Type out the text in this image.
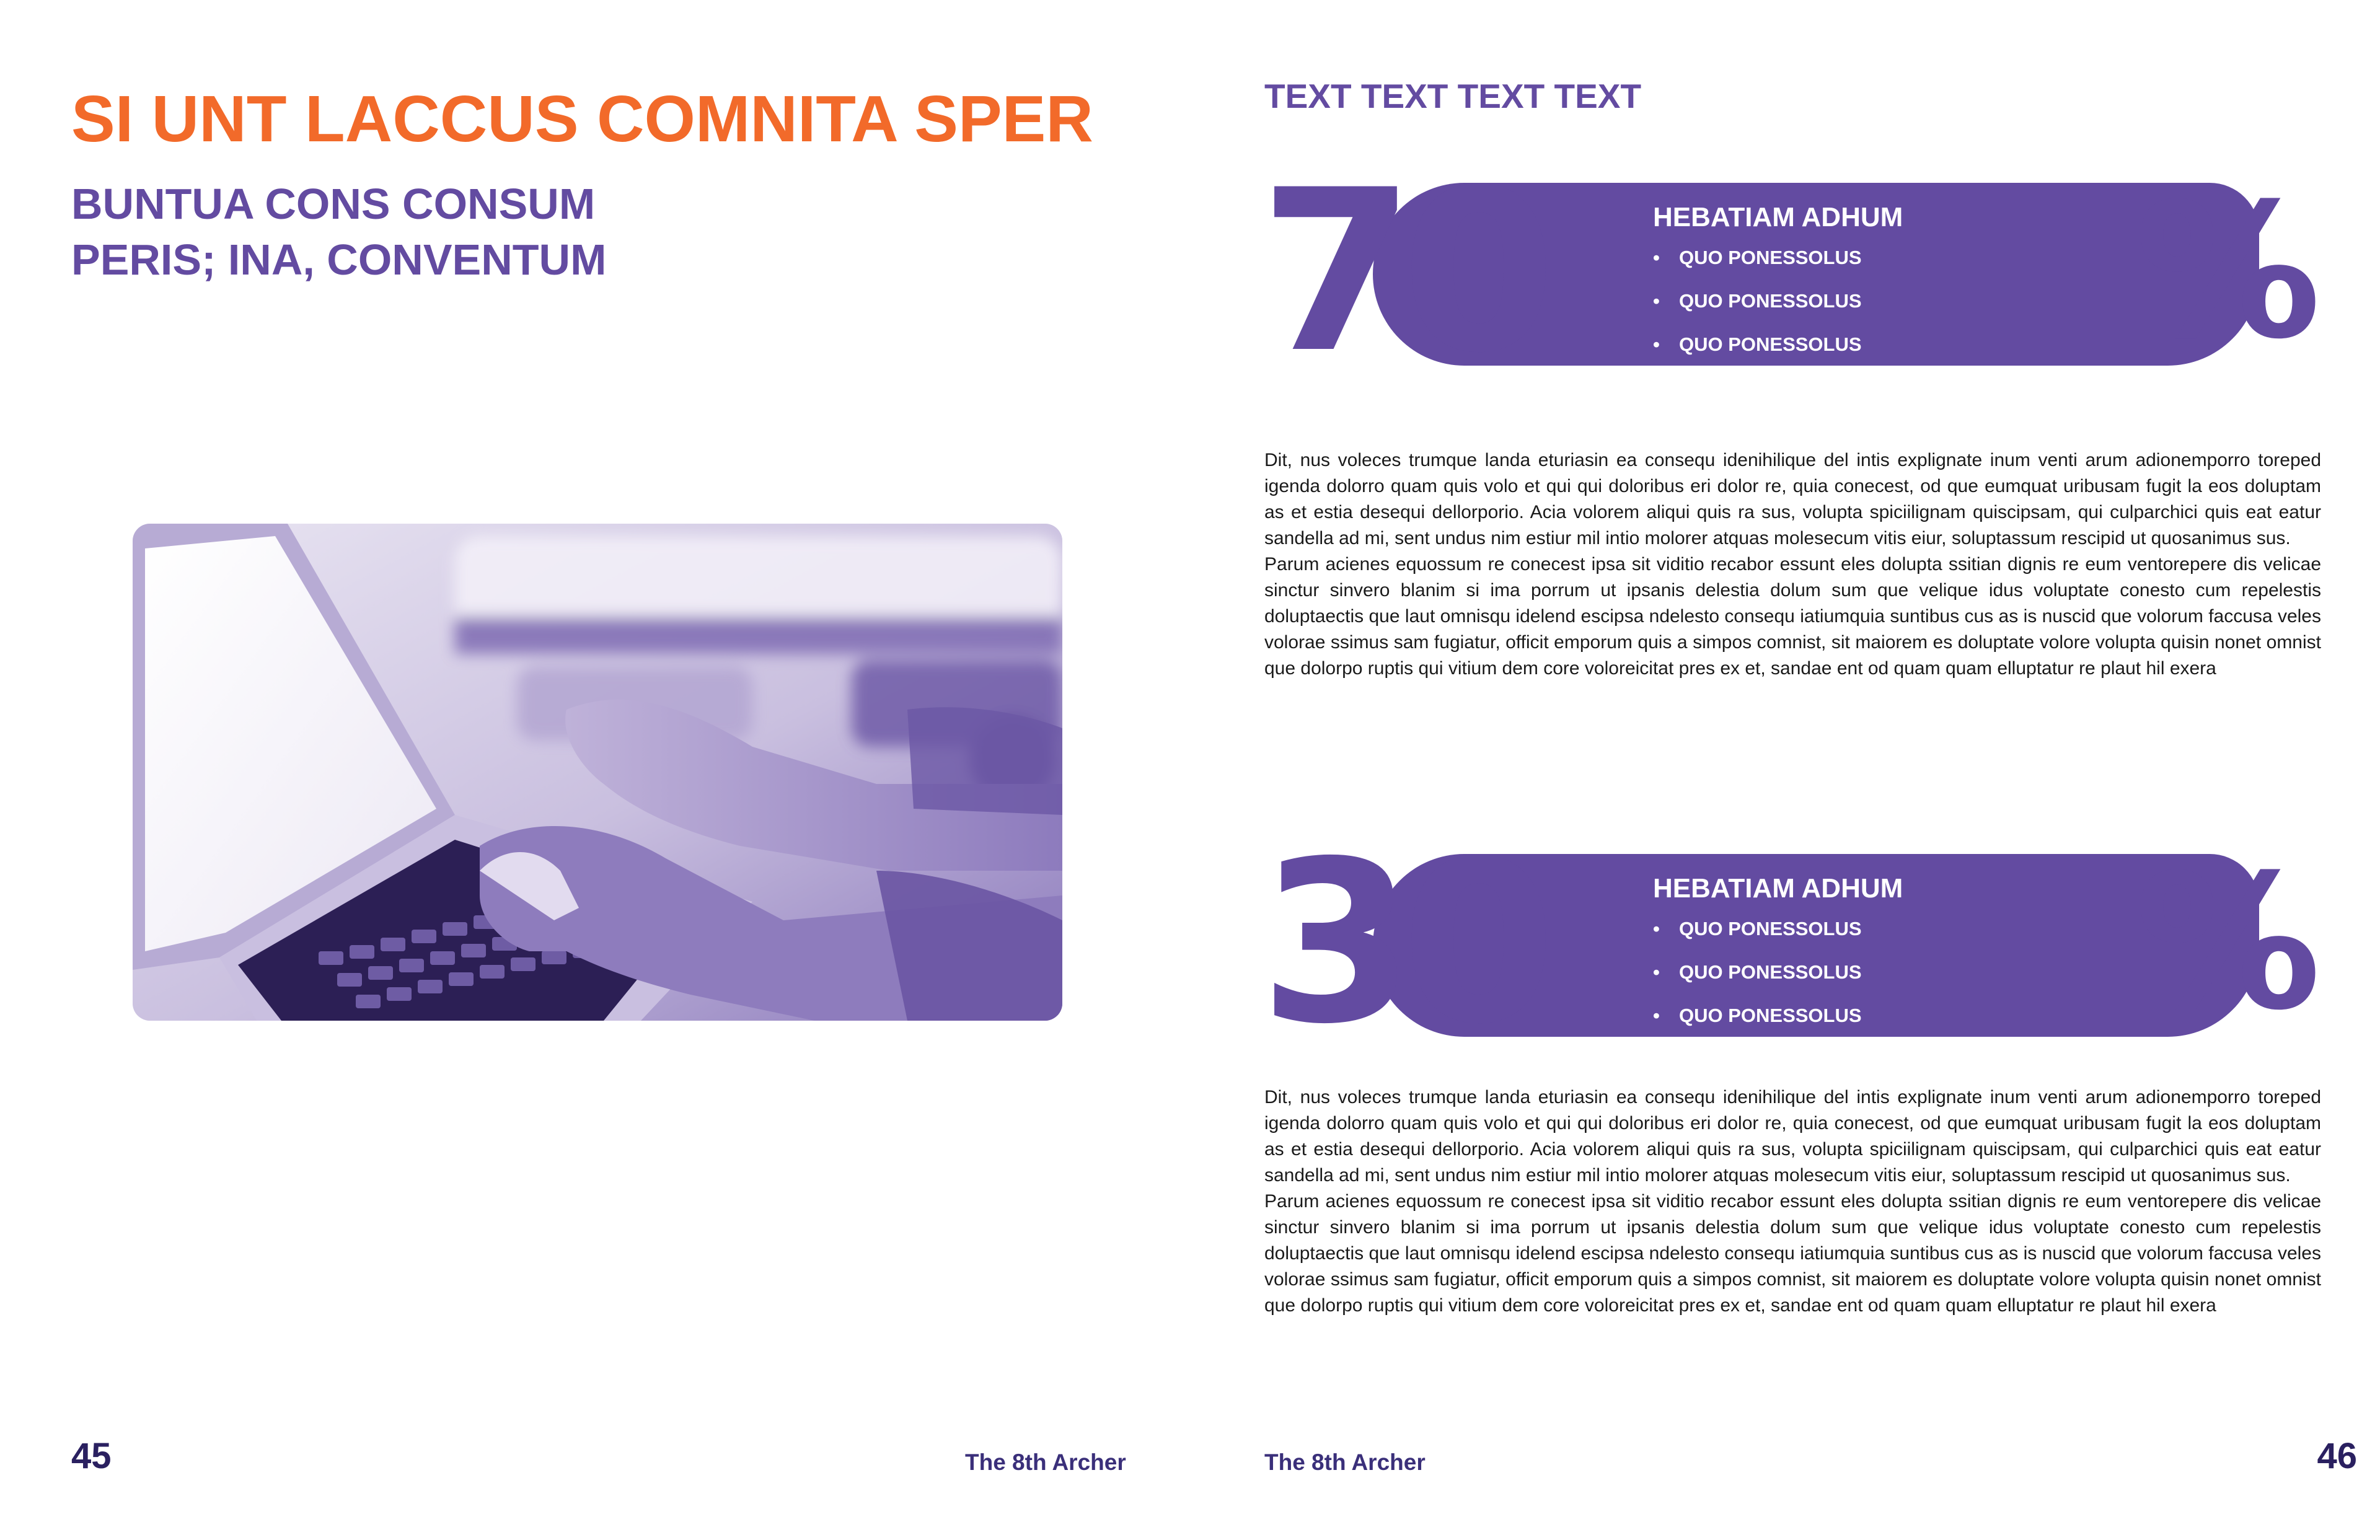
SI UNT LACCUS COMNITA SPER
BUNTUA CONS CONSUM
PERIS; INA, CONVENTUM
45	The 8th Archer
TEXT TEXT TEXT TEXT
70	%
HEBATIAM ADHUM
• QUO PONESSOLUS
• QUO PONESSOLUS
• QUO PONESSOLUS

Dit, nus voleces trumque landa eturiasin ea consequ idenihilique del intis explignate inum venti arum adionemporro toreped igenda dolorro quam quis volo et qui qui doloribus eri dolor re, quia conecest, od que eumquat uribusam fugit la eos doluptam as et estia desequi dellorporio. Acia volorem aliqui quis ra sus, volupta spiciilignam quiscipsam, qui culparchici quis eat eatur sandella ad mi, sent undus nim estiur mil intio molorer atquas molesecum vitis eiur, soluptassum rescipid ut quosanimus sus.

Parum acienes equossum re conecest ipsa sit viditio recabor essunt eles dolupta ssitian dignis re eum ventorepere dis velicae sinctur sinvero blanim si ima porrum ut ipsanis delestia dolum sum que velique idus voluptate conesto cum repelestis doluptaectis que laut omnisqu idelend escipsa ndelesto consequ iatiumquia suntibus cus as is nuscid que volorum faccusa veles volorae ssimus sam fugiatur, officit emporum quis a simpos comnist, sit maiorem es doluptate volore volupta quisin nonet omnist que dolorpo ruptis qui vitium dem core voloreicitat pres ex et, sandae ent od quam quam elluptatur re plaut hil exera

30	%
HEBATIAM ADHUM
• QUO PONESSOLUS
• QUO PONESSOLUS
• QUO PONESSOLUS

Dit, nus voleces trumque landa eturiasin ea consequ idenihilique del intis explignate inum venti arum adionemporro toreped igenda dolorro quam quis volo et qui qui doloribus eri dolor re, quia conecest, od que eumquat uribusam fugit la eos doluptam as et estia desequi dellorporio. Acia volorem aliqui quis ra sus, volupta spiciilignam quiscipsam, qui culparchici quis eat eatur sandella ad mi, sent undus nim estiur mil intio molorer atquas molesecum vitis eiur, soluptassum rescipid ut quosanimus sus.

Parum acienes equossum re conecest ipsa sit viditio recabor essunt eles dolupta ssitian dignis re eum ventorepere dis velicae sinctur sinvero blanim si ima porrum ut ipsanis delestia dolum sum que velique idus voluptate conesto cum repelestis doluptaectis que laut omnisqu idelend escipsa ndelesto consequ iatiumquia suntibus cus as is nuscid que volorum faccusa veles volorae ssimus sam fugiatur, officit emporum quis a simpos comnist, sit maiorem es doluptate volore volupta quisin nonet omnist que dolorpo ruptis qui vitium dem core voloreicitat pres ex et, sandae ent od quam quam elluptatur re plaut hil exera

The 8th Archer	46
